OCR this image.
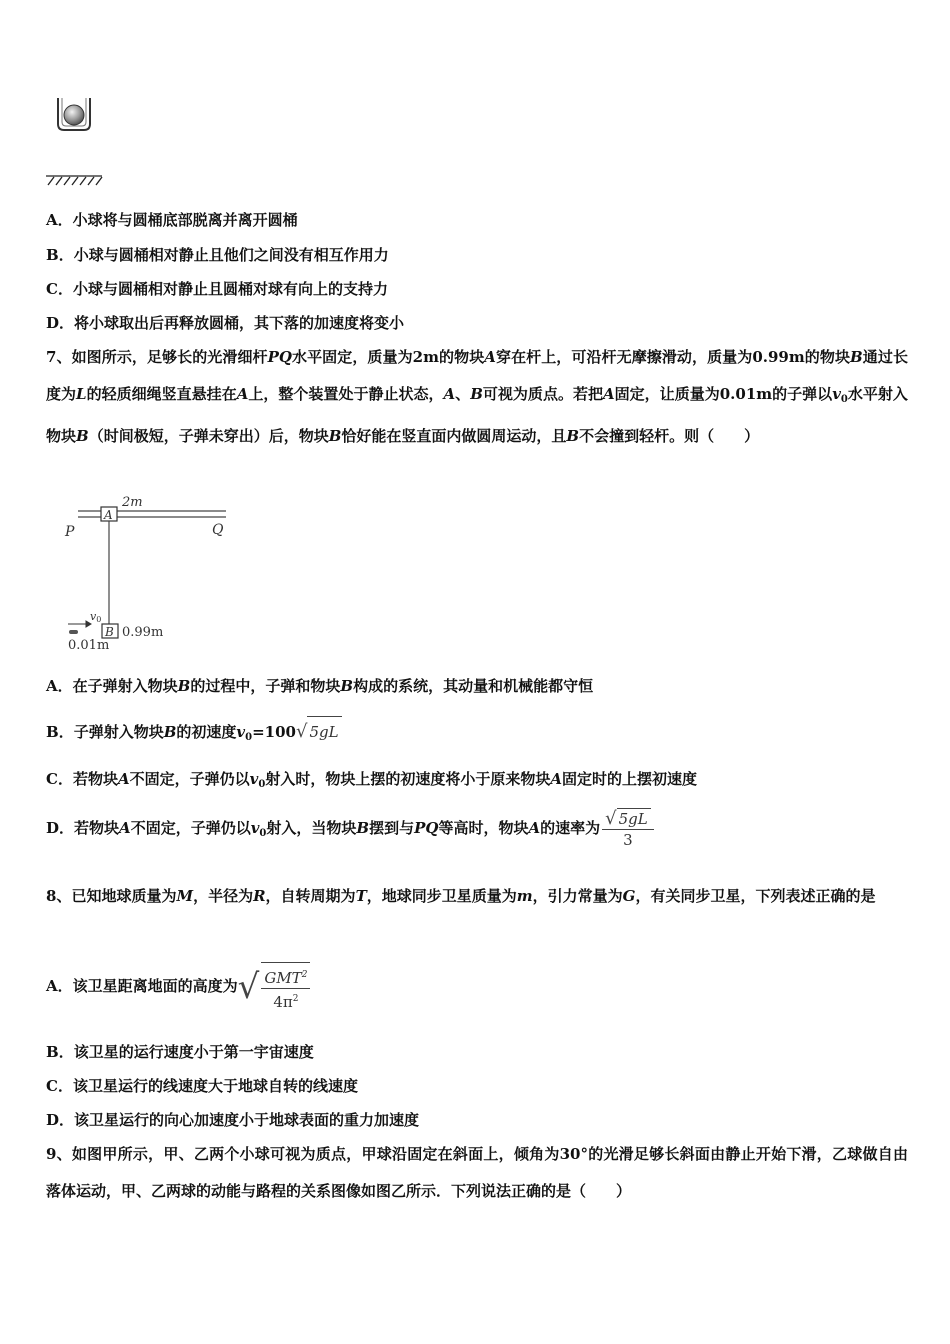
A．小球将与圆桶底部脱离并离开圆桶
B．小球与圆桶相对静止且他们之间没有相互作用力
C．小球与圆桶相对静止且圆桶对球有向上的支持力
D．将小球取出后再释放圆桶，其下落的加速度将变小
7、如图所示，足够长的光滑细杆PQ水平固定，质量为2m的物块A穿在杆上，可沿杆无摩擦滑动，质量为0.99m的物块B通过长度为L的轻质细绳竖直悬挂在A上，整个装置处于静止状态，A、B可视为质点。若把A固定，让质量为0.01m的子弹以$v_0$水平射入物块B（时间极短，子弹未穿出）后，物块B恰好能在竖直面内做圆周运动，且B不会撞到轻杆。则（　　）
A
2m
P	Q
B 0.99m
v0
0.01m
A．在子弹射入物块B的过程中，子弹和物块B构成的系统，其动量和机械能都守恒
B．子弹射入物块B的初速度$v_0=100√$ 5gL
C．若物块A不固定，子弹仍以$v_0$射入时，物块上摆的初速度将小于原来物块A固定时的上摆初速度
D．若物块A不固定，子弹仍以$v_0$射入，当物块B摆到与PQ等高时，物块A的速率为 $\frac{√ 5gL}{3}$
8、已知地球质量为M，半径为R，自转周期为T，地球同步卫星质量为m，引力常量为G，有关同步卫星，下列表述正确的是
A．该卫星距离地面的高度为√ $\frac{GMT^2}{4\pi^2}$
B．该卫星的运行速度小于第一宇宙速度
C．该卫星运行的线速度大于地球自转的线速度
D．该卫星运行的向心加速度小于地球表面的重力加速度
9、如图甲所示，甲、乙两个小球可视为质点，甲球沿固定在斜面上，倾角为30°的光滑足够长斜面由静止开始下滑，乙球做自由落体运动，甲、乙两球的动能与路程的关系图像如图乙所示．下列说法正确的是（　　）
